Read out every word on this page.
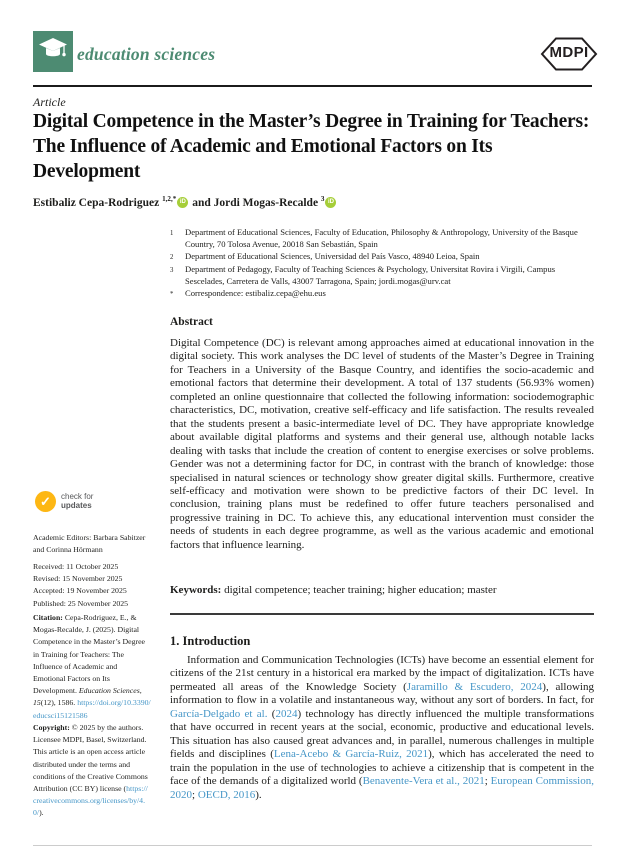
education sciences	MDPI
Article
Digital Competence in the Master’s Degree in Training for Teachers: The Influence of Academic and Emotional Factors on Its Development
Estibaliz Cepa-Rodriguez $^{1,2,*}$ iD and Jordi Mogas-Recalde $^3$ iD
1	Department of Educational Sciences, Faculty of Education, Philosophy & Anthropology, University of the Basque Country, 70 Tolosa Avenue, 20018 San Sebastián, Spain
2	Department of Educational Sciences, Universidad del País Vasco, 48940 Leioa, Spain
3	Department of Pedagogy, Faculty of Teaching Sciences & Psychology, Universitat Rovira i Virgili, Campus Sescelades, Carretera de Valls, 43007 Tarragona, Spain; jordi.mogas@urv.cat
*	Correspondence: estibaliz.cepa@ehu.eus
Abstract
Digital Competence (DC) is relevant among approaches aimed at educational innovation in the digital society. This work analyses the DC level of students of the Master’s Degree in Training for Teachers in a University of the Basque Country, and identifies the socio-academic and emotional factors that determine their development. A total of 137 students (56.93% women) completed an online questionnaire that collected the following information: sociodemographic characteristics, DC, motivation, creative self-efficacy and life satisfaction. The results revealed that the students present a basic-intermediate level of DC. They have appropriate knowledge about available digital platforms and systems and their general use, although notable lacks dealing with tasks that include the creation of content to energise exercises or solve problems. Gender was not a determining factor for DC, in contrast with the branch of knowledge: those specialised in natural sciences or technology show greater digital skills. Furthermore, creative self-efficacy and motivation were shown to be predictive factors of their DC level. In conclusion, training plans must be redefined to offer future teachers personalised and progressive training in DC. To achieve this, any educational intervention must consider the needs of students in each degree programme, as well as the various academic and emotional factors that influence learning.
Keywords: digital competence; teacher training; higher education; master
1. Introduction
Information and Communication Technologies (ICTs) have become an essential element for citizens of the 21st century in a historical era marked by the impact of digitalization. ICTs have permeated all areas of the Knowledge Society (Jaramillo & Escudero, 2024), allowing information to flow in a volatile and instantaneous way, without any sort of borders. In fact, for García-Delgado et al. (2024) technology has directly influenced the multiple transformations that have occurred in recent years at the social, economic, productive and educational levels. This situation has also caused great advances and, in parallel, numerous challenges in multiple fields and disciplines (Lena-Acebo & García-Ruiz, 2021), which has accelerated the need to train the population in the use of technologies to achieve a citizenship that is competent in the face of the demands of a digitalized world (Benavente-Vera et al., 2021; European Commission, 2020; OECD, 2016).
✓	check for
updates
Academic Editors: Barbara Sabitzer and Corinna Hörmann
Received: 11 October 2025
Revised: 15 November 2025
Accepted: 19 November 2025
Published: 25 November 2025
Citation: Cepa-Rodriguez, E., & Mogas-Recalde, J. (2025). Digital Competence in the Master’s Degree in Training for Teachers: The Influence of Academic and Emotional Factors on Its Development. Education Sciences, 15(12), 1586. https://doi.org/10.3390/educsci15121586
Copyright: © 2025 by the authors. Licensee MDPI, Basel, Switzerland. This article is an open access article distributed under the terms and conditions of the Creative Commons Attribution (CC BY) license (https://creativecommons.org/licenses/by/4.0/).
